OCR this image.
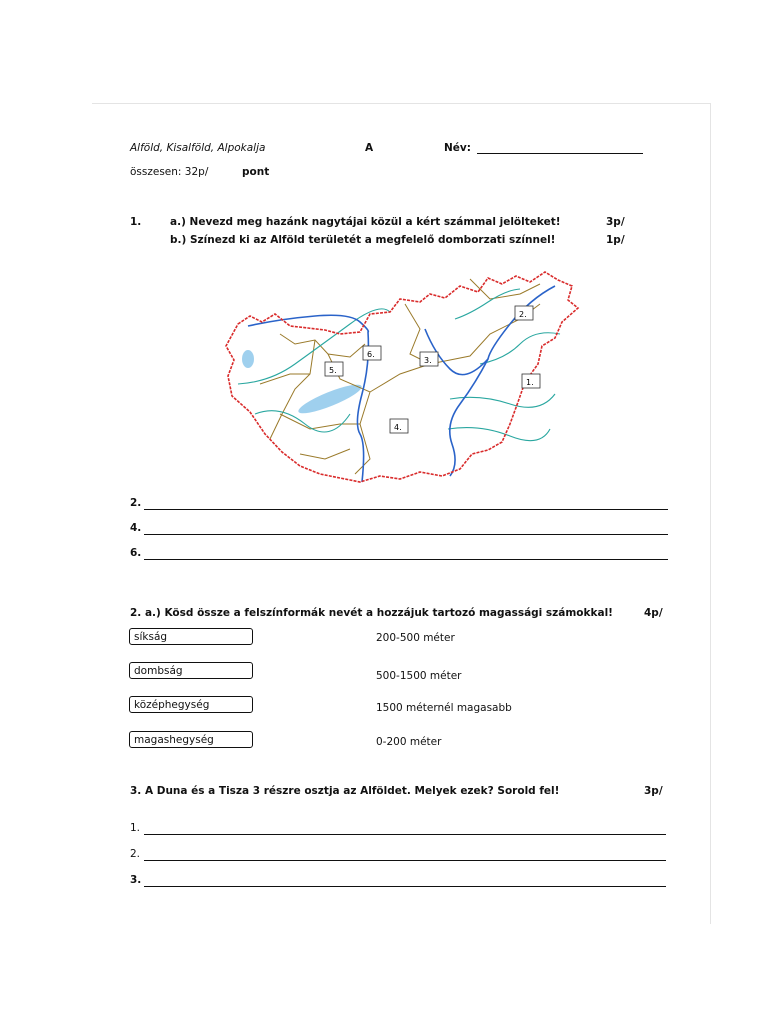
Alföld, Kisalföld, Alpokalja	A	Név:
összesen: 32p/	pont
1.	a.) Nevezd meg hazánk nagytájai közül a kért számmal jelölteket!	3p/
b.) Színezd ki az Alföld területét a megfelelő domborzati színnel!	1p/
1.
2.
3.
4.
5.
6.
2.
4.
6.
2. a.) Kösd össze a felszínformák nevét a hozzájuk tartozó magassági számokkal!	4p/
síkság
dombság
középhegység
magashegység
200-500 méter
500-1500 méter
1500 méternél magasabb
0-200 méter
3. A Duna és a Tisza 3 részre osztja az Alföldet. Melyek ezek? Sorold fel!	3p/
1.
2.
3.
